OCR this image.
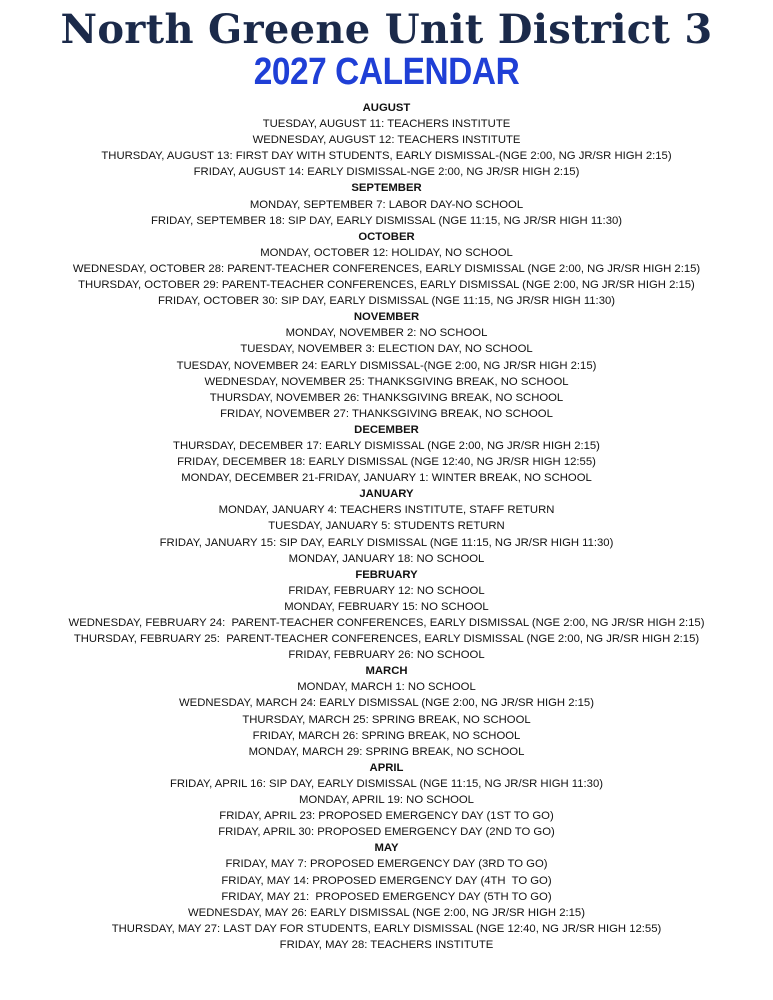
North Greene Unit District 3
2027 CALENDAR
AUGUST
TUESDAY, AUGUST 11: TEACHERS INSTITUTE
WEDNESDAY, AUGUST 12: TEACHERS INSTITUTE
THURSDAY, AUGUST 13: FIRST DAY WITH STUDENTS, EARLY DISMISSAL-(NGE 2:00, NG JR/SR HIGH 2:15)
FRIDAY, AUGUST 14: EARLY DISMISSAL-NGE 2:00, NG JR/SR HIGH 2:15)
SEPTEMBER
MONDAY, SEPTEMBER 7: LABOR DAY-NO SCHOOL
FRIDAY, SEPTEMBER 18: SIP DAY, EARLY DISMISSAL (NGE 11:15, NG JR/SR HIGH 11:30)
OCTOBER
MONDAY, OCTOBER 12: HOLIDAY, NO SCHOOL
WEDNESDAY, OCTOBER 28: PARENT-TEACHER CONFERENCES, EARLY DISMISSAL (NGE 2:00, NG JR/SR HIGH 2:15)
THURSDAY, OCTOBER 29: PARENT-TEACHER CONFERENCES, EARLY DISMISSAL (NGE 2:00, NG JR/SR HIGH 2:15)
FRIDAY, OCTOBER 30: SIP DAY, EARLY DISMISSAL (NGE 11:15, NG JR/SR HIGH 11:30)
NOVEMBER
MONDAY, NOVEMBER 2: NO SCHOOL
TUESDAY, NOVEMBER 3: ELECTION DAY, NO SCHOOL
TUESDAY, NOVEMBER 24: EARLY DISMISSAL-(NGE 2:00, NG JR/SR HIGH 2:15)
WEDNESDAY, NOVEMBER 25: THANKSGIVING BREAK, NO SCHOOL
THURSDAY, NOVEMBER 26: THANKSGIVING BREAK, NO SCHOOL
FRIDAY, NOVEMBER 27: THANKSGIVING BREAK, NO SCHOOL
DECEMBER
THURSDAY, DECEMBER 17: EARLY DISMISSAL (NGE 2:00, NG JR/SR HIGH 2:15)
FRIDAY, DECEMBER 18: EARLY DISMISSAL (NGE 12:40, NG JR/SR HIGH 12:55)
MONDAY, DECEMBER 21-FRIDAY, JANUARY 1: WINTER BREAK, NO SCHOOL
JANUARY
MONDAY, JANUARY 4: TEACHERS INSTITUTE, STAFF RETURN
TUESDAY, JANUARY 5: STUDENTS RETURN
FRIDAY, JANUARY 15: SIP DAY, EARLY DISMISSAL (NGE 11:15, NG JR/SR HIGH 11:30)
MONDAY, JANUARY 18: NO SCHOOL
FEBRUARY
FRIDAY, FEBRUARY 12: NO SCHOOL
MONDAY, FEBRUARY 15: NO SCHOOL
WEDNESDAY, FEBRUARY 24:  PARENT-TEACHER CONFERENCES, EARLY DISMISSAL (NGE 2:00, NG JR/SR HIGH 2:15)
THURSDAY, FEBRUARY 25:  PARENT-TEACHER CONFERENCES, EARLY DISMISSAL (NGE 2:00, NG JR/SR HIGH 2:15)
FRIDAY, FEBRUARY 26: NO SCHOOL
MARCH
MONDAY, MARCH 1: NO SCHOOL
WEDNESDAY, MARCH 24: EARLY DISMISSAL (NGE 2:00, NG JR/SR HIGH 2:15)
THURSDAY, MARCH 25: SPRING BREAK, NO SCHOOL
FRIDAY, MARCH 26: SPRING BREAK, NO SCHOOL
MONDAY, MARCH 29: SPRING BREAK, NO SCHOOL
APRIL
FRIDAY, APRIL 16: SIP DAY, EARLY DISMISSAL (NGE 11:15, NG JR/SR HIGH 11:30)
MONDAY, APRIL 19: NO SCHOOL
FRIDAY, APRIL 23: PROPOSED EMERGENCY DAY (1ST TO GO)
FRIDAY, APRIL 30: PROPOSED EMERGENCY DAY (2ND TO GO)
MAY
FRIDAY, MAY 7: PROPOSED EMERGENCY DAY (3RD TO GO)
FRIDAY, MAY 14: PROPOSED EMERGENCY DAY (4TH  TO GO)
FRIDAY, MAY 21:  PROPOSED EMERGENCY DAY (5TH TO GO)
WEDNESDAY, MAY 26: EARLY DISMISSAL (NGE 2:00, NG JR/SR HIGH 2:15)
THURSDAY, MAY 27: LAST DAY FOR STUDENTS, EARLY DISMISSAL (NGE 12:40, NG JR/SR HIGH 12:55)
FRIDAY, MAY 28: TEACHERS INSTITUTE
